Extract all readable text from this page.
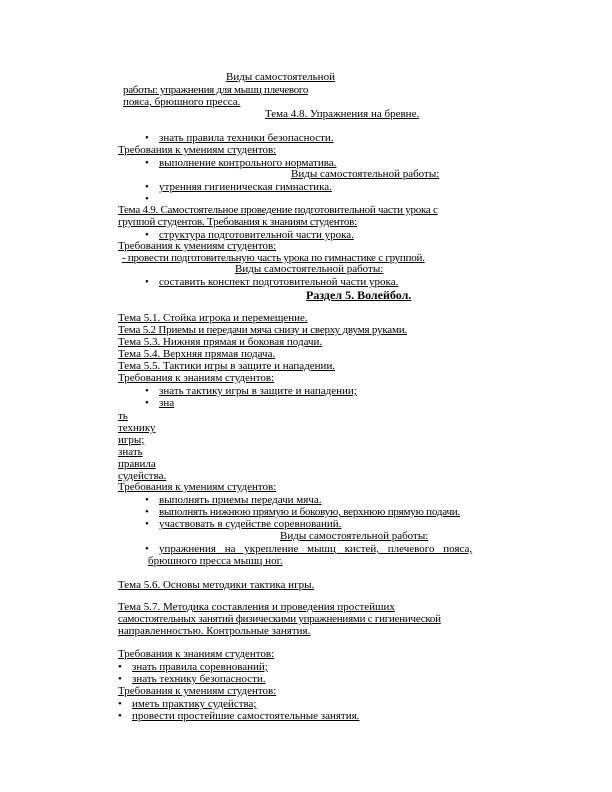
Виды самостоятельной
работы: упражнения для мышц плечевого
пояса, брюшного пресса.
Тема 4.8. Упражнения на бревне.
• знать правила техники безопасности.
Требования к умениям студентов:
• выполнение контрольного норматива.
Виды самостоятельной работы:
• утренняя гигиеническая гимнастика.
•
Тема 4.9. Самостоятельное проведение подготовительной части урока с
группой студентов. Требования к знаниям студентов:
• структура подготовительной части урока.
Требования к умениям студентов:
- провести подготовительную часть урока по гимнастике с группой.
Виды самостоятельной работы:
• составить конспект подготовительной части урока.
Раздел 5. Волейбол.
Тема 5.1. Стойка игрока и перемещение.
Тема 5.2 Приемы и передачи мяча снизу и сверху двумя руками.
Тема 5.3. Нижняя прямая и боковая подачи.
Тема 5.4. Верхняя прямая подача.
Тема 5.5. Тактики игры в защите и нападении.
Требования к знаниям студентов:
• знать тактику игры в защите и нападении;
• зна
ть
технику
игры;
знать
правила
судейства.
Требования к умениям студентов:
• выполнять приемы передачи мяча.
• выполнять нижнюю прямую и боковую, верхнюю прямую подачи.
• участвовать в судействе соревнований.
Виды самостоятельной работы:
• упражнения на укрепление мышц кистей, плечевого пояса,
брюшного пресса мышц ног.
Тема 5.6. Основы методики тактика игры.
Тема 5.7. Методика составления и проведения простейших
самостоятельных занятий физическими упражнениями с гигиенической
направленностью. Контрольные занятия.
Требования к знаниям студентов:
• знать правила соревнований;
• знать технику безопасности.
Требования к умениям студентов:
• иметь практику судейства;
• провести простейшие самостоятельные занятия.
